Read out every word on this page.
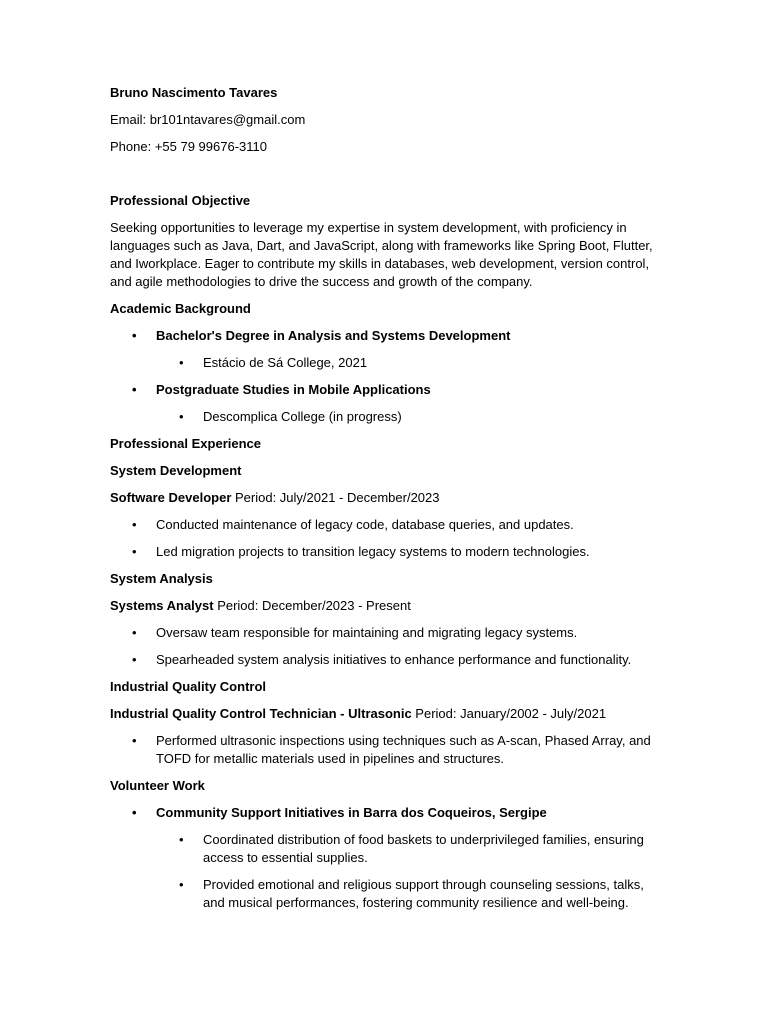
Bruno Nascimento Tavares

Email: br101ntavares@gmail.com

Phone: +55 79 99676-3110

Professional Objective

Seeking opportunities to leverage my expertise in system development, with proficiency in languages such as Java, Dart, and JavaScript, along with frameworks like Spring Boot, Flutter, and Iworkplace. Eager to contribute my skills in databases, web development, version control, and agile methodologies to drive the success and growth of the company.

Academic Background

• Bachelor's Degree in Analysis and Systems Development
• Estácio de Sá College, 2021
• Postgraduate Studies in Mobile Applications
• Descomplica College (in progress)

Professional Experience

System Development

Software Developer Period: July/2021 - December/2023

• Conducted maintenance of legacy code, database queries, and updates.
• Led migration projects to transition legacy systems to modern technologies.

System Analysis

Systems Analyst Period: December/2023 - Present

• Oversaw team responsible for maintaining and migrating legacy systems.
• Spearheaded system analysis initiatives to enhance performance and functionality.

Industrial Quality Control

Industrial Quality Control Technician - Ultrasonic Period: January/2002 - July/2021

• Performed ultrasonic inspections using techniques such as A-scan, Phased Array, and TOFD for metallic materials used in pipelines and structures.

Volunteer Work

• Community Support Initiatives in Barra dos Coqueiros, Sergipe
• Coordinated distribution of food baskets to underprivileged families, ensuring access to essential supplies.
• Provided emotional and religious support through counseling sessions, talks, and musical performances, fostering community resilience and well-being.
